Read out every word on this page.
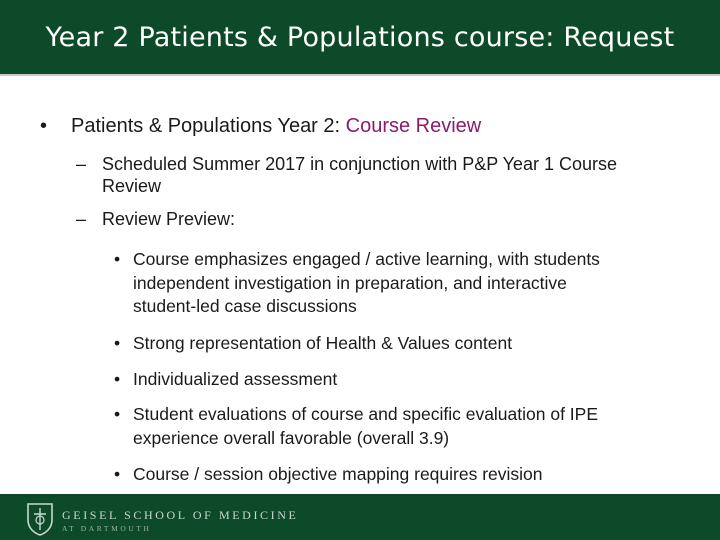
Year 2 Patients & Populations course: Request
• Patients & Populations Year 2: Course Review
– Scheduled Summer 2017 in conjunction with P&P Year 1 Course
Review
– Review Preview:
• Course emphasizes engaged / active learning, with students
independent investigation in preparation, and interactive
student-led case discussions
• Strong representation of Health & Values content
• Individualized assessment
• Student evaluations of course and specific evaluation of IPE
experience overall favorable (overall 3.9)
• Course / session objective mapping requires revision
GEISEL SCHOOL OF MEDICINE
AT DARTMOUTH
